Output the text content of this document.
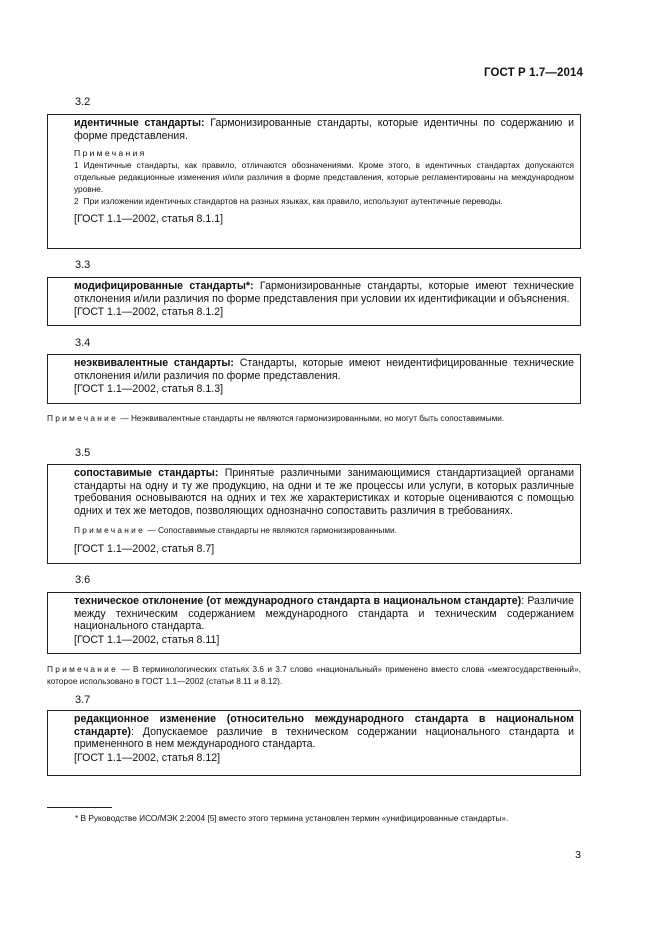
ГОСТ Р 1.7—2014
3.2

идентичные стандарты: Гармонизированные стандарты, которые идентичны по содержанию и форме представления.

Примечания

1 Идентичные стандарты, как правило, отличаются обозначениями. Кроме этого, в идентичных стандартах допускаются отдельные редакционные изменения и/или различия в форме представления, которые регламентированы на международном уровне.

2 При изложении идентичных стандартов на разных языках, как правило, используют аутентичные переводы.

[ГОСТ 1.1—2002, статья 8.1.1]

3.3

модифицированные стандарты*: Гармонизированные стандарты, которые имеют технические отклонения и/или различия по форме представления при условии их идентификации и объяснения.

[ГОСТ 1.1—2002, статья 8.1.2]

3.4

неэквивалентные стандарты: Стандарты, которые имеют неидентифицированные технические отклонения и/или различия по форме представления.

[ГОСТ 1.1—2002, статья 8.1.3]

Примечание — Неэквивалентные стандарты не являются гармонизированными, но могут быть сопоставимыми.
3.5

сопоставимые стандарты: Принятые различными занимающимися стандартизацией органами стандарты на одну и ту же продукцию, на одни и те же процессы или услуги, в которых различные требования основываются на одних и тех же характеристиках и которые оцениваются с помощью одних и тех же методов, позволяющих однозначно сопоставить различия в требованиях.

Примечание — Сопоставимые стандарты не являются гармонизированными.

[ГОСТ 1.1—2002, статья 8.7]

3.6

техническое отклонение (от международного стандарта в национальном стандарте): Различие между техническим содержанием международного стандарта и техническим содержанием национального стандарта.

[ГОСТ 1.1—2002, статья 8.11]

Примечание — В терминологических статьях 3.6 и 3.7 слово «национальный» применено вместо слова «межгосударственный», которое использовано в ГОСТ 1.1—2002 (статьи 8.11 и 8.12).
3.7

редакционное изменение (относительно международного стандарта в национальном стандарте): Допускаемое различие в техническом содержании национального стандарта и примененного в нем международного стандарта.

[ГОСТ 1.1—2002, статья 8.12]

* В Руководстве ИСО/МЭК 2:2004 [5] вместо этого термина установлен термин «унифицированные стандарты».
3
